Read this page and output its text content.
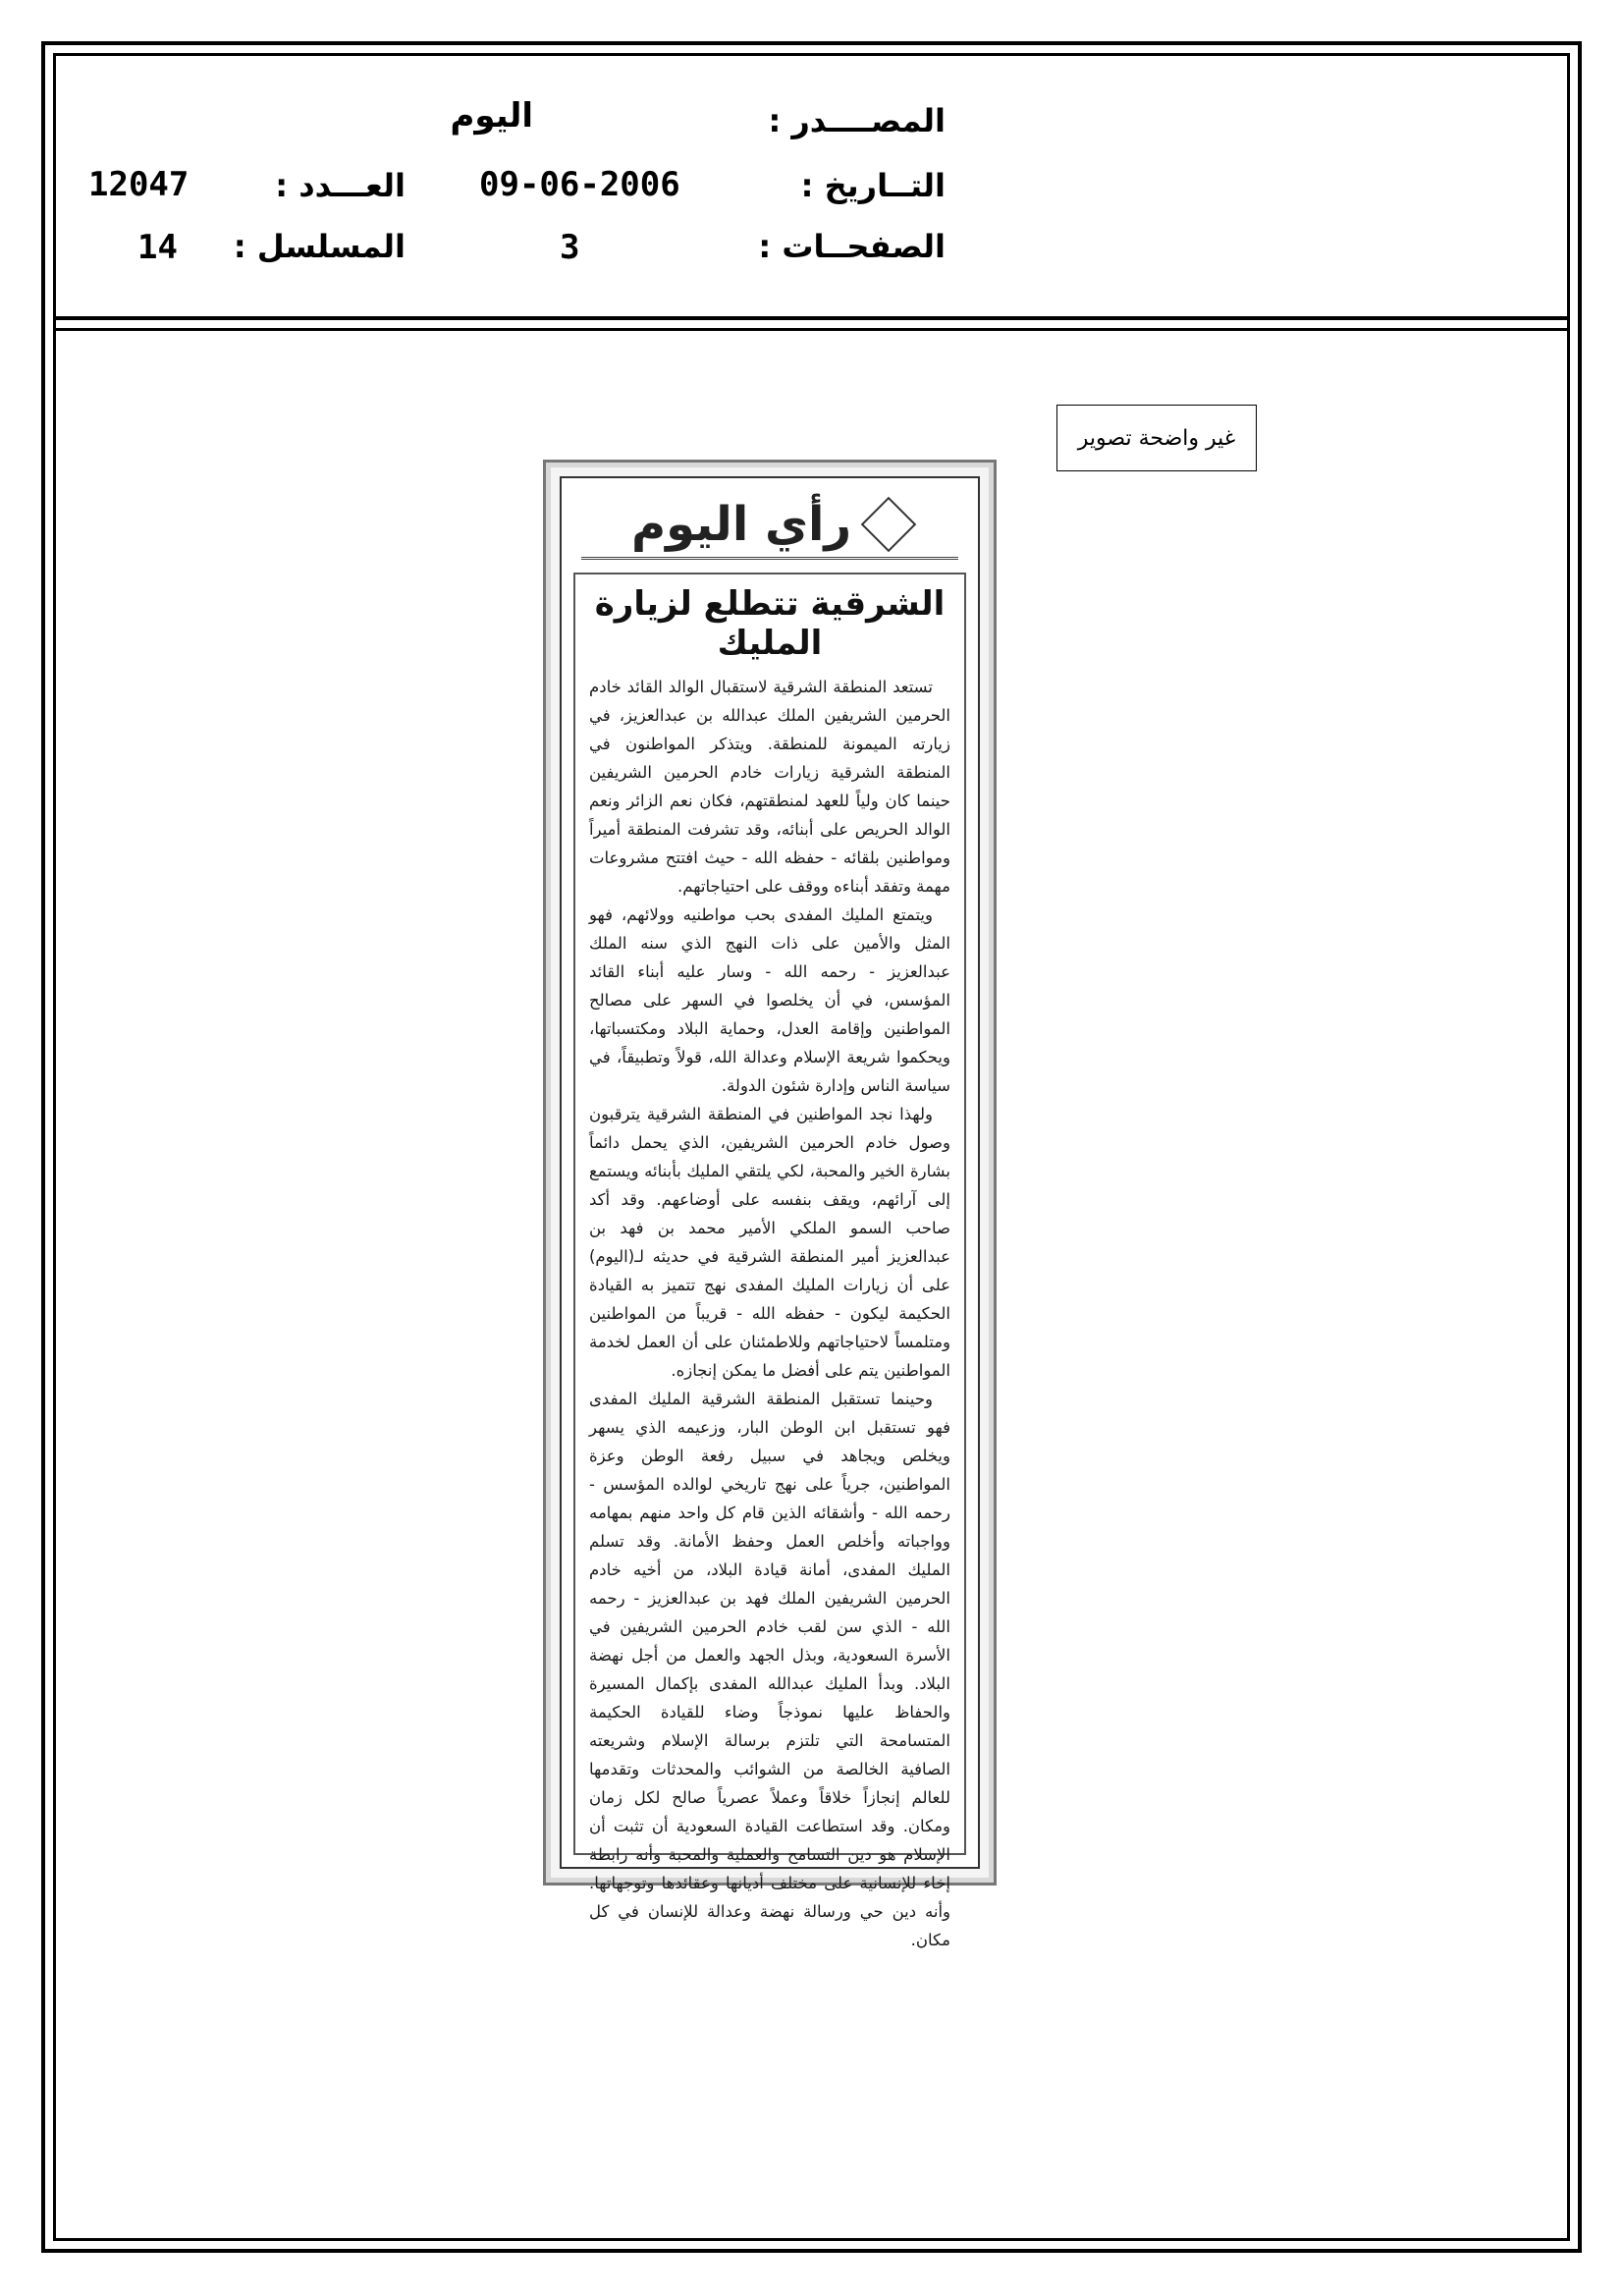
المصــــدر :
اليوم
التــاريخ :
09-06-2006
العـــدد :
12047
الصفحــات :
3
المسلسل :
14
غير واضحة تصوير
رأي اليوم
الشرقية تتطلع لزيارة المليك

تستعد المنطقة الشرقية لاستقبال الوالد القائد خادم الحرمين الشريفين الملك عبدالله بن عبدالعزيز، في زيارته الميمونة للمنطقة. ويتذكر المواطنون في المنطقة الشرقية زيارات خادم الحرمين الشريفين حينما كان ولياً للعهد لمنطقتهم، فكان نعم الزائر ونعم الوالد الحريص على أبنائه، وقد تشرفت المنطقة أميراً ومواطنين بلقائه - حفظه الله - حيث افتتح مشروعات مهمة وتفقد أبناءه ووقف على احتياجاتهم.

ويتمتع المليك المفدى بحب مواطنيه وولائهم، فهو المثل والأمين على ذات النهج الذي سنه الملك عبدالعزيز - رحمه الله - وسار عليه أبناء القائد المؤسس، في أن يخلصوا في السهر على مصالح المواطنين وإقامة العدل، وحماية البلاد ومكتسباتها، ويحكموا شريعة الإسلام وعدالة الله، قولاً وتطبيقاً، في سياسة الناس وإدارة شئون الدولة.

ولهذا نجد المواطنين في المنطقة الشرقية يترقبون وصول خادم الحرمين الشريفين، الذي يحمل دائماً بشارة الخير والمحبة، لكي يلتقي المليك بأبنائه ويستمع إلى آرائهم، ويقف بنفسه على أوضاعهم. وقد أكد صاحب السمو الملكي الأمير محمد بن فهد بن عبدالعزيز أمير المنطقة الشرقية في حديثه لـ(اليوم) على أن زيارات المليك المفدى نهج تتميز به القيادة الحكيمة ليكون - حفظه الله - قريباً من المواطنين ومتلمساً لاحتياجاتهم وللاطمئنان على أن العمل لخدمة المواطنين يتم على أفضل ما يمكن إنجازه.

وحينما تستقبل المنطقة الشرقية المليك المفدى فهو تستقبل ابن الوطن البار، وزعيمه الذي يسهر ويخلص ويجاهد في سبيل رفعة الوطن وعزة المواطنين، جرياً على نهج تاريخي لوالده المؤسس - رحمه الله - وأشقائه الذين قام كل واحد منهم بمهامه وواجباته وأخلص العمل وحفظ الأمانة. وقد تسلم المليك المفدى، أمانة قيادة البلاد، من أخيه خادم الحرمين الشريفين الملك فهد بن عبدالعزيز - رحمه الله - الذي سن لقب خادم الحرمين الشريفين في الأسرة السعودية، وبذل الجهد والعمل من أجل نهضة البلاد. وبدأ المليك عبدالله المفدى بإكمال المسيرة والحفاظ عليها نموذجاً وضاء للقيادة الحكيمة المتسامحة التي تلتزم برسالة الإسلام وشريعته الصافية الخالصة من الشوائب والمحدثات وتقدمها للعالم إنجازاً خلاقاً وعملاً عصرياً صالح لكل زمان ومكان. وقد استطاعت القيادة السعودية أن تثبت أن الإسلام هو دين التسامح والعملية والمحبة وأنه رابطة إخاء للإنسانية على مختلف أديانها وعقائدها وتوجهاتها. وأنه دين حي ورسالة نهضة وعدالة للإنسان في كل مكان.
